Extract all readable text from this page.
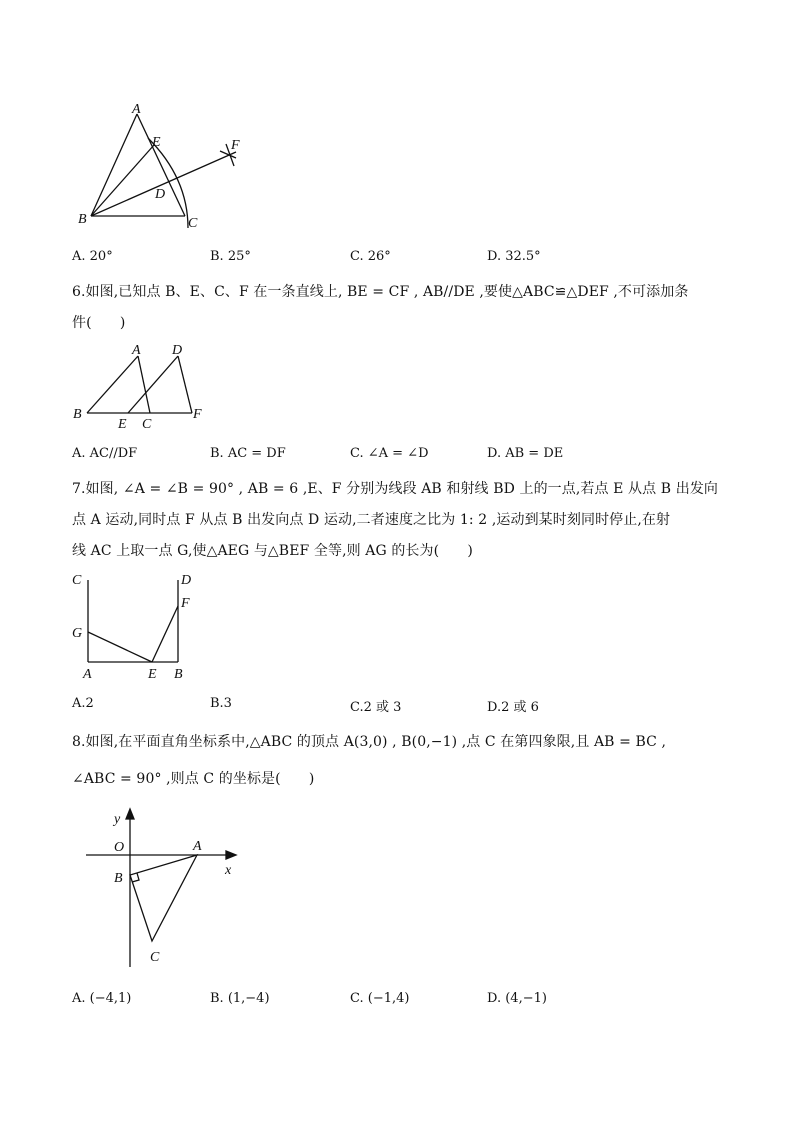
A
E	F
D
B	C
A. 20°	B. 25°	C. 26°	D. 32.5°
6.如图,已知点 B、E、C、F 在一条直线上, BE = CF , AB//DE ,要使△ABC≌△DEF ,不可添加条
件(　　)
A D
B	F
E C
A. AC//DF	B. AC = DF	C. ∠A = ∠D	D. AB = DE
7.如图, ∠A = ∠B = 90° , AB = 6 ,E、F 分别为线段 AB 和射线 BD 上的一点,若点 E 从点 B 出发向
点 A 运动,同时点 F 从点 B 出发向点 D 运动,二者速度之比为 1: 2 ,运动到某时刻同时停止,在射
线 AC 上取一点 G,使△AEG 与△BEF 全等,则 AG 的长为(　　)
C	D
F
G
A	E B
A.2	B.3	C.2 或 3	D.2 或 6
8.如图,在平面直角坐标系中,△ABC 的顶点 A(3,0) , B(0,−1) ,点 C 在第四象限,且 AB = BC ,
∠ABC = 90° ,则点 C 的坐标是(　　)
y
O	A
x
B
C
A. (−4,1)	B. (1,−4)	C. (−1,4)	D. (4,−1)
